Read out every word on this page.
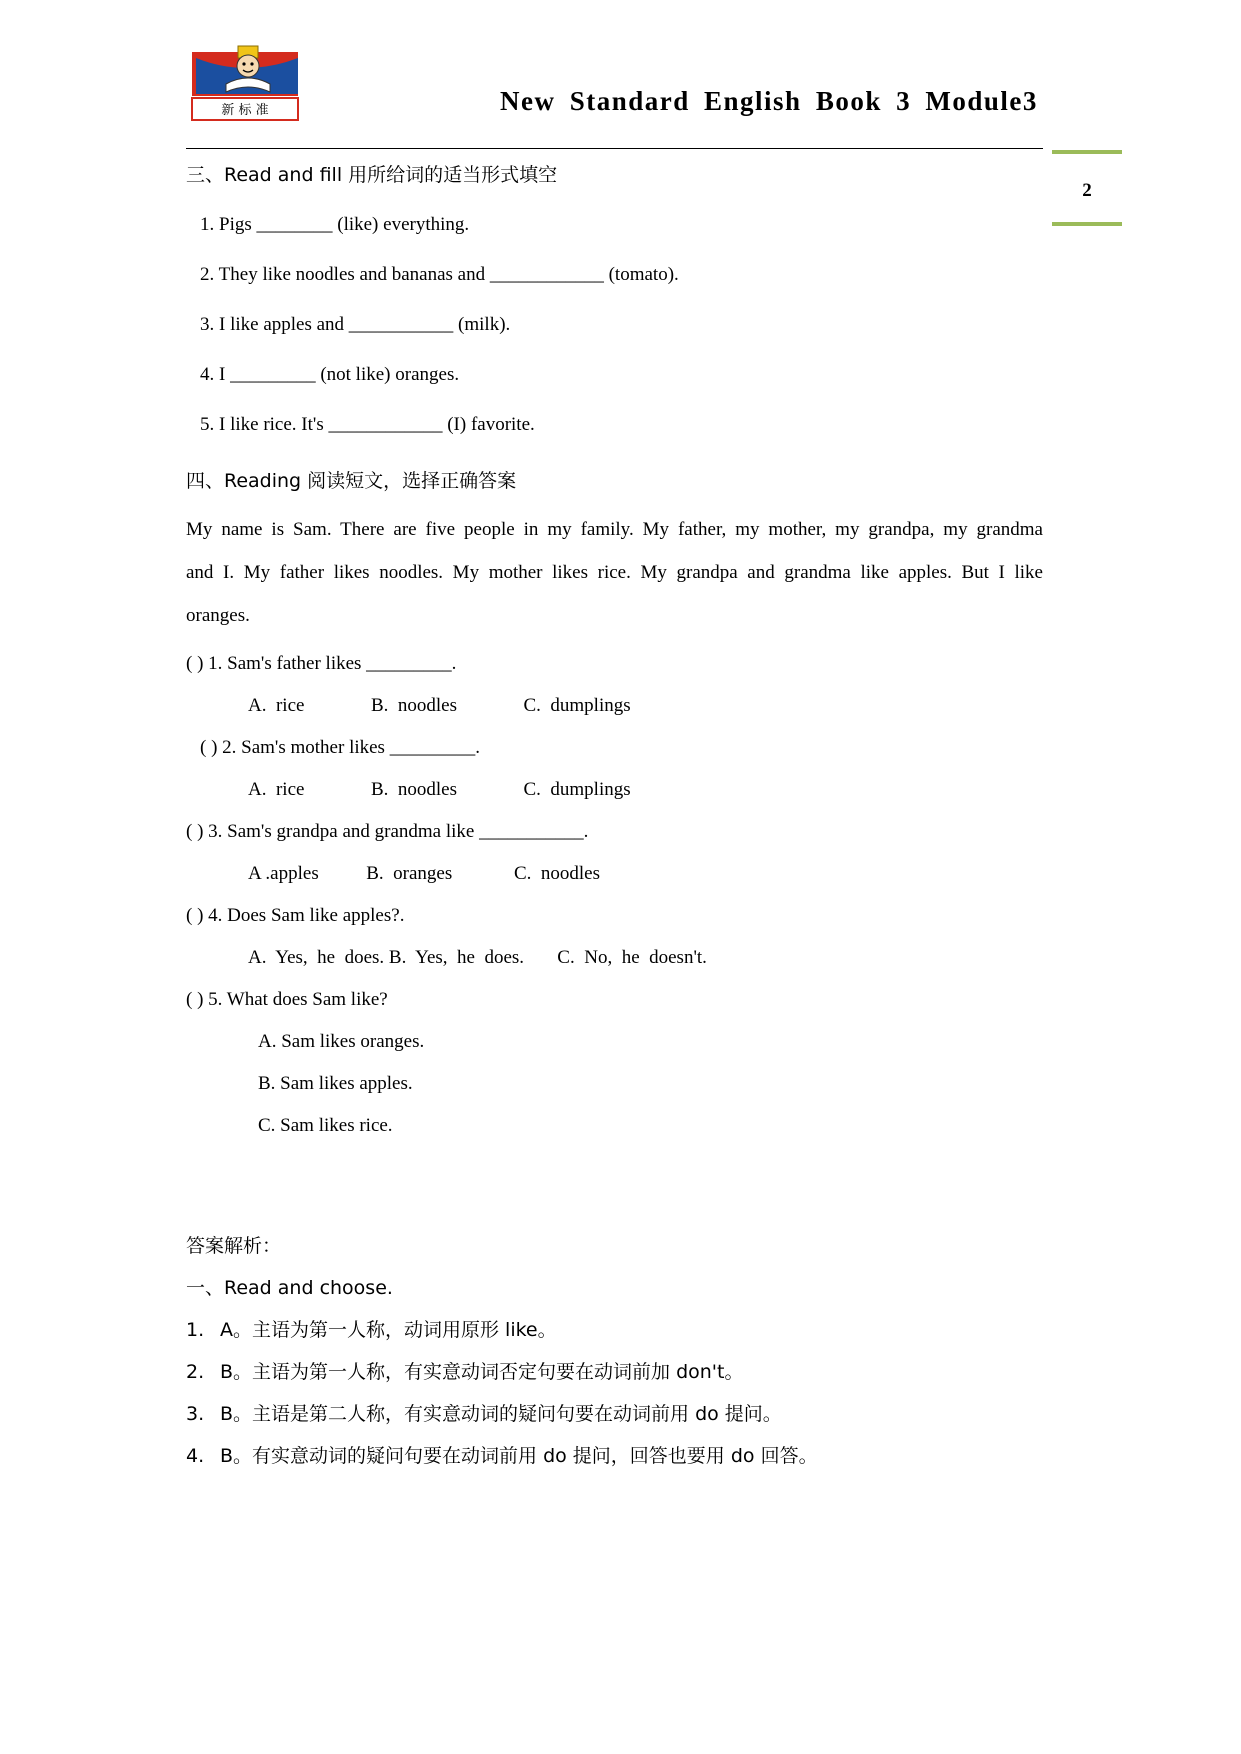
新 标 准	New Standard English Book 3 Module3
2
三、Read and fill 用所给词的适当形式填空
1. Pigs ________ (like) everything.
2. They like noodles and bananas and ____________ (tomato).
3. I like apples and ___________ (milk).
4. I _________ (not like) oranges.
5. I like rice. It's ____________ (I) favorite.
四、Reading 阅读短文，选择正确答案
My name is Sam. There are five people in my family. My father, my mother, my grandpa, my grandma and I. My father likes noodles. My mother likes rice. My grandpa and grandma like apples. But I like oranges.
( ) 1. Sam's father likes _________.
A.  rice              B.  noodles              C.  dumplings
( ) 2. Sam's mother likes _________.
A.  rice              B.  noodles              C.  dumplings
( ) 3. Sam's grandpa and grandma like ___________.
A .apples          B.  oranges             C.  noodles
( ) 4. Does Sam like apples?.
A.  Yes,  he  does. B.  Yes,  he  does.       C.  No,  he  doesn't.
( ) 5. What does Sam like?
A. Sam likes oranges.
B. Sam likes apples.
C. Sam likes rice.
答案解析：
一、Read and choose.
1. A。主语为第一人称，动词用原形 like。
2. B。主语为第一人称，有实意动词否定句要在动词前加 don't。
3. B。主语是第二人称，有实意动词的疑问句要在动词前用 do 提问。
4. B。有实意动词的疑问句要在动词前用 do 提问，回答也要用 do 回答。
